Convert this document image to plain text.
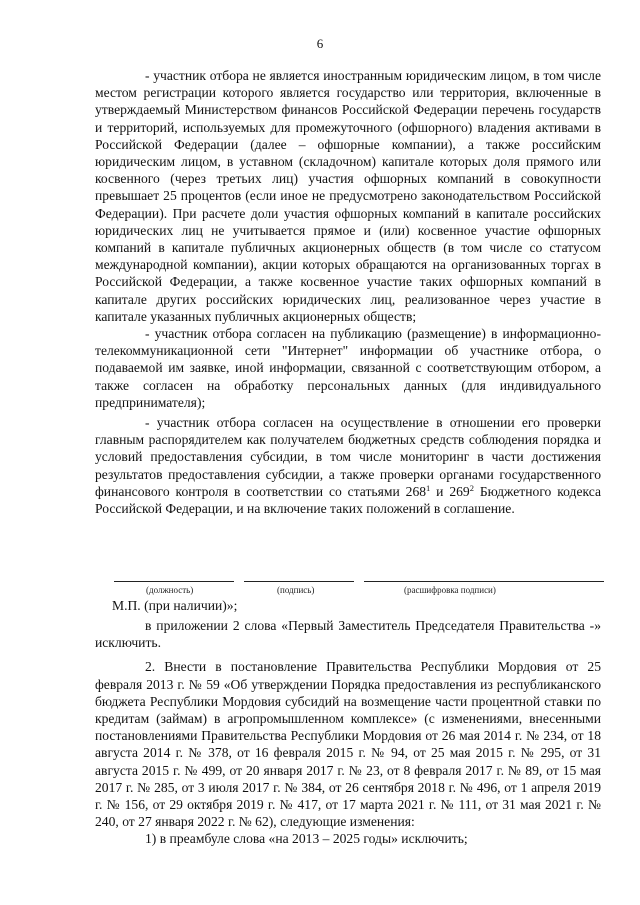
6

- участник отбора не является иностранным юридическим лицом, в том числе местом регистрации которого является государство или территория, включенные в утверждаемый Министерством финансов Российской Федерации перечень государств и территорий, используемых для промежуточного (офшорного) владения активами в Российской Федерации (далее – офшорные компании), а также российским юридическим лицом, в уставном (складочном) капитале которых доля прямого или косвенного (через третьих лиц) участия офшорных компаний в совокупности превышает 25 процентов (если иное не предусмотрено законодательством Российской Федерации). При расчете доли участия офшорных компаний в капитале российских юридических лиц не учитывается прямое и (или) косвенное участие офшорных компаний в капитале публичных акционерных обществ (в том числе со статусом международной компании), акции которых обращаются на организованных торгах в Российской Федерации, а также косвенное участие таких офшорных компаний в капитале других российских юридических лиц, реализованное через участие в капитале указанных публичных акционерных обществ;

- участник отбора согласен на публикацию (размещение) в информационно-телекоммуникационной сети "Интернет" информации об участнике отбора, о подаваемой им заявке, иной информации, связанной с соответствующим отбором, а также согласен на обработку персональных данных (для индивидуального предпринимателя);

- участник отбора согласен на осуществление в отношении его проверки главным распорядителем как получателем бюджетных средств соблюдения порядка и условий предоставления субсидии, в том числе мониторинг в части достижения результатов предоставления субсидии, а также проверки органами государственного финансового контроля в соответствии со статьями $268^1$ и $269^2$ Бюджетного кодекса Российской Федерации, и на включение таких положений в соглашение.

(должность)	(подпись)	(расшифровка подписи)
М.П. (при наличии)»;

в приложении 2 слова «Первый Заместитель Председателя Правительства -» исключить.

2. Внести в постановление Правительства Республики Мордовия от 25 февраля 2013 г. № 59 «Об утверждении Порядка предоставления из республиканского бюджета Республики Мордовия субсидий на возмещение части процентной ставки по кредитам (займам) в агропромышленном комплексе» (с изменениями, внесенными постановлениями Правительства Республики Мордовия от 26 мая 2014 г. № 234, от 18 августа 2014 г. № 378, от 16 февраля 2015 г. № 94, от 25 мая 2015 г. № 295, от 31 августа 2015 г. № 499, от 20 января 2017 г. № 23, от 8 февраля 2017 г. № 89, от 15 мая 2017 г. № 285, от 3 июля 2017 г. № 384, от 26 сентября 2018 г. № 496, от 1 апреля 2019 г. № 156, от 29 октября 2019 г. № 417, от 17 марта 2021 г. № 111, от 31 мая 2021 г. № 240, от 27 января 2022 г. № 62), следующие изменения:

1) в преамбуле слова «на 2013 – 2025 годы» исключить;
